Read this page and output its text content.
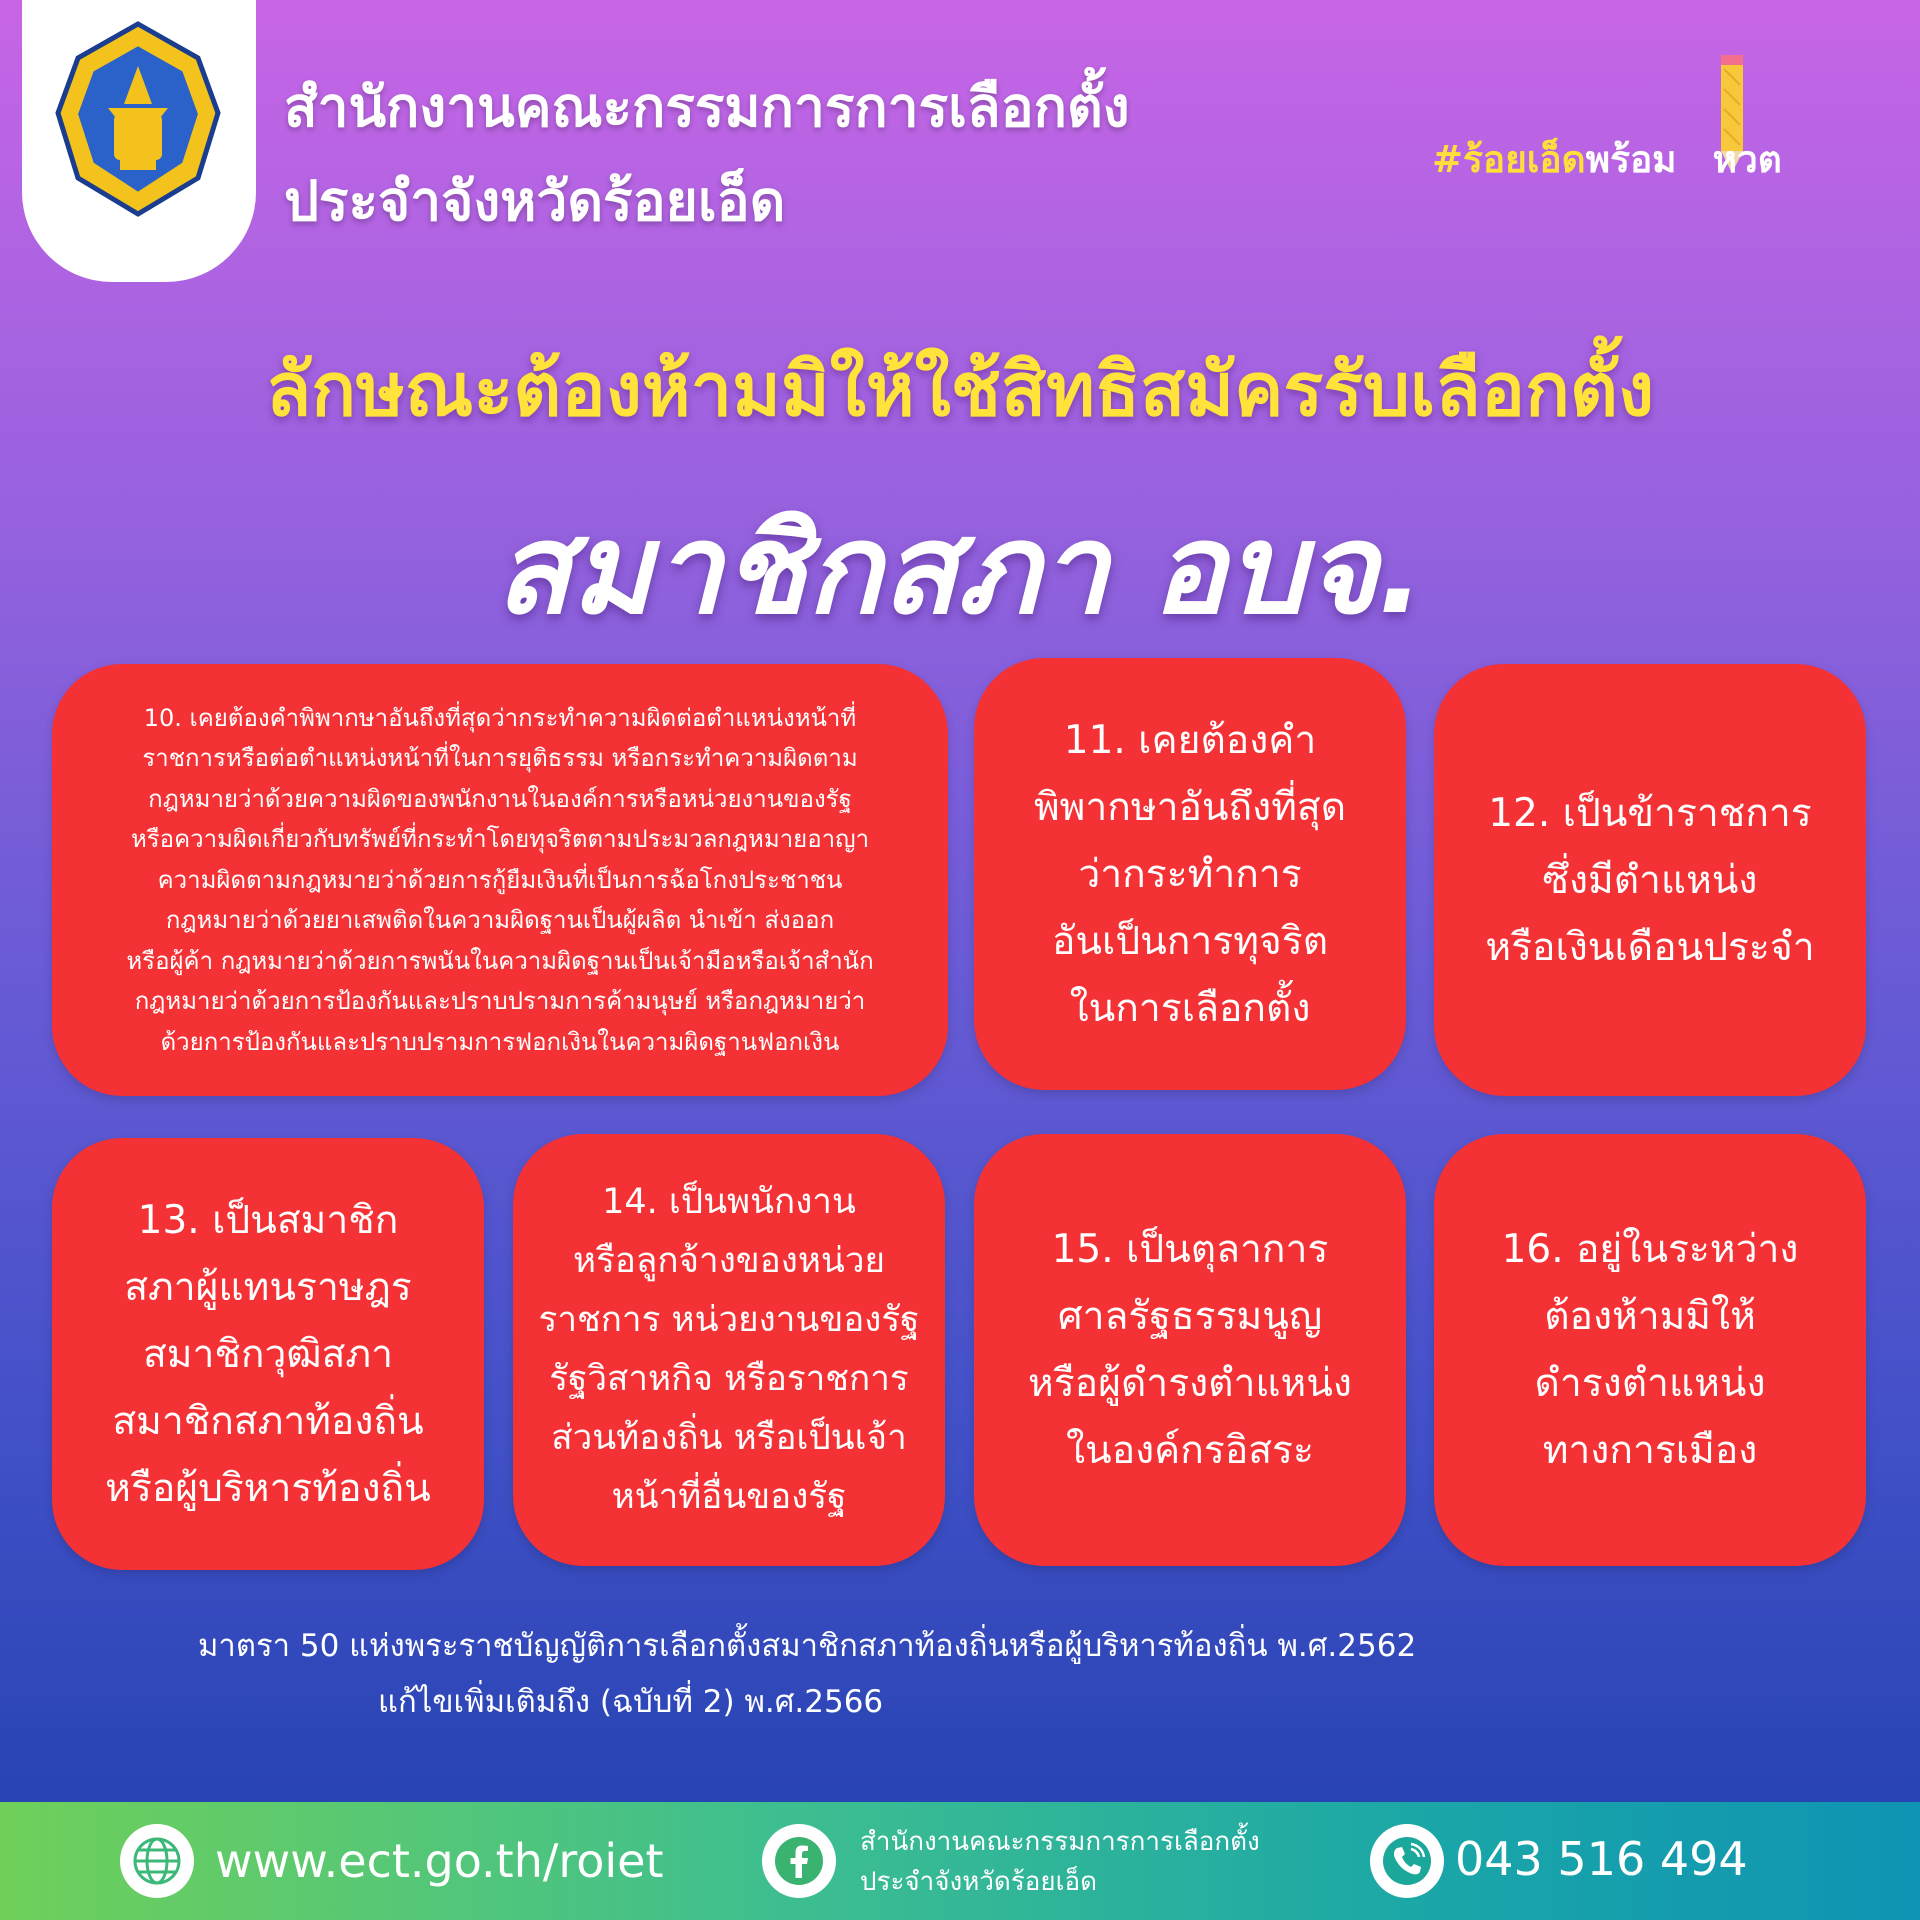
สำนักงานคณะกรรมการการเลือกตั้ง
ประจำจังหวัดร้อยเอ็ด
#ร้อยเอ็ดพร้อม หวต
ลักษณะต้องห้ามมิให้ใช้สิทธิสมัครรับเลือกตั้ง
สมาชิกสภา อบจ.
10. เคยต้องคำพิพากษาอันถึงที่สุดว่ากระทำความผิดต่อตำแหน่งหน้าที่
ราชการหรือต่อตำแหน่งหน้าที่ในการยุติธรรม หรือกระทำความผิดตาม
กฎหมายว่าด้วยความผิดของพนักงานในองค์การหรือหน่วยงานของรัฐ
หรือความผิดเกี่ยวกับทรัพย์ที่กระทำโดยทุจริตตามประมวลกฎหมายอาญา
ความผิดตามกฎหมายว่าด้วยการกู้ยืมเงินที่เป็นการฉ้อโกงประชาชน
กฎหมายว่าด้วยยาเสพติดในความผิดฐานเป็นผู้ผลิต นำเข้า ส่งออก
หรือผู้ค้า กฎหมายว่าด้วยการพนันในความผิดฐานเป็นเจ้ามือหรือเจ้าสำนัก
กฎหมายว่าด้วยการป้องกันและปราบปรามการค้ามนุษย์ หรือกฎหมายว่า
ด้วยการป้องกันและปราบปรามการฟอกเงินในความผิดฐานฟอกเงิน
11. เคยต้องคำ
พิพากษาอันถึงที่สุด
ว่ากระทำการ
อันเป็นการทุจริต
ในการเลือกตั้ง
12. เป็นข้าราชการ
ซึ่งมีตำแหน่ง
หรือเงินเดือนประจำ
13. เป็นสมาชิก
สภาผู้แทนราษฎร
สมาชิกวุฒิสภา
สมาชิกสภาท้องถิ่น
หรือผู้บริหารท้องถิ่น
14. เป็นพนักงาน
หรือลูกจ้างของหน่วย
ราชการ หน่วยงานของรัฐ
รัฐวิสาหกิจ หรือราชการ
ส่วนท้องถิ่น หรือเป็นเจ้า
หน้าที่อื่นของรัฐ
15. เป็นตุลาการ
ศาลรัฐธรรมนูญ
หรือผู้ดำรงตำแหน่ง
ในองค์กรอิสระ
16. อยู่ในระหว่าง
ต้องห้ามมิให้
ดำรงตำแหน่ง
ทางการเมือง
มาตรา 50 แห่งพระราชบัญญัติการเลือกตั้งสมาชิกสภาท้องถิ่นหรือผู้บริหารท้องถิ่น พ.ศ.2562
แก้ไขเพิ่มเติมถึง (ฉบับที่ 2) พ.ศ.2566
www.ect.go.th/roiet	สำนักงานคณะกรรมการการเลือกตั้ง
ประจำจังหวัดร้อยเอ็ด	043 516 494
